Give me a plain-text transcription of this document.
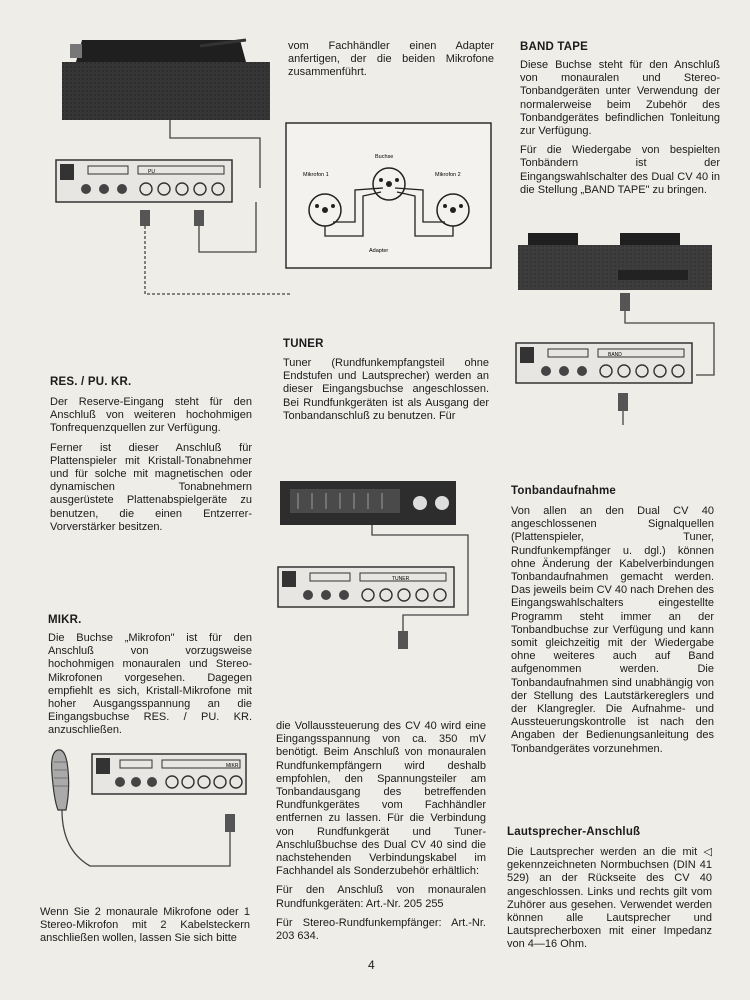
PU	Mikrofon 1
Buchse
Mikrofon 2
Adapter
BAND
TUNER
MIKR

vom Fachhändler einen Adapter anfertigen, der die beiden Mikrofone zusammenführt.

BAND TAPE

Diese Buchse steht für den Anschluß von monauralen und Stereo-Tonbandgeräten unter Verwendung der normalerweise beim Zubehör des Tonbandgerätes befindlichen Tonleitung zur Verfügung.

Für die Wiedergabe von bespielten Tonbändern ist der Eingangswahlschalter des Dual CV 40 in die Stellung „BAND TAPE" zu bringen.

TUNER

Tuner (Rundfunkempfangsteil ohne Endstufen und Lautsprecher) werden an dieser Eingangsbuchse angeschlossen. Bei Rundfunkgeräten ist als Ausgang der Tonbandanschluß zu benutzen. Für

RES. / PU. KR.

Der Reserve-Eingang steht für den Anschluß von weiteren hochohmigen Tonfrequenzquellen zur Verfügung.

Ferner ist dieser Anschluß für Plattenspieler mit Kristall-Tonabnehmer und für solche mit magnetischen oder dynamischen Tonabnehmern ausgerüstete Plattenabspielgeräte zu benutzen, die einen Entzerrer-Vorverstärker besitzen.

Tonbandaufnahme

Von allen an den Dual CV 40 angeschlossenen Signalquellen (Plattenspieler, Tuner, Rundfunkempfänger u. dgl.) können ohne Änderung der Kabelverbindungen Tonbandaufnahmen gemacht werden. Das jeweils beim CV 40 nach Drehen des Eingangswahlschalters eingestellte Programm steht immer an der Tonbandbuchse zur Verfügung und kann somit gleichzeitig mit der Wiedergabe ohne weiteres auch auf Band aufgenommen werden. Die Tonbandaufnahmen sind unabhängig von der Stellung des Lautstärkereglers und der Klangregler. Die Aufnahme- und Aussteuerungskontrolle ist nach den Angaben der Bedienungsanleitung des Tonbandgerätes vorzunehmen.

MIKR.

Die Buchse „Mikrofon" ist für den Anschluß von vorzugsweise hochohmigen monauralen und Stereo-Mikrofonen vorgesehen. Dagegen empfiehlt es sich, Kristall-Mikrofone mit hoher Ausgangsspannung an die Eingangsbuchse RES. / PU. KR. anzuschließen.	die Vollaussteuerung des CV 40 wird eine Eingangsspannung von ca. 350 mV benötigt. Beim Anschluß von monauralen Rundfunkempfängern wird deshalb empfohlen, den Spannungsteiler am Tonbandausgang des betreffenden Rundfunkgerätes vom Fachhändler entfernen zu lassen. Für die Verbindung von Rundfunkgerät und Tuner-Anschlußbuchse des Dual CV 40 sind die nachstehenden Verbindungskabel im Fachhandel als Sonderzubehör erhältlich:

Für den Anschluß von monauralen Rundfunkgeräten: Art.-Nr. 205 255

Für Stereo-Rundfunkempfänger: Art.-Nr. 203 634.

Lautsprecher-Anschluß

Die Lautsprecher werden an die mit ◁ gekennzeichneten Normbuchsen (DIN 41 529) an der Rückseite des CV 40 angeschlossen. Links und rechts gilt vom Zuhörer aus gesehen. Verwendet werden können alle Lautsprecher und Lautsprecherboxen mit einer Impedanz von 4—16 Ohm.

Wenn Sie 2 monaurale Mikrofone oder 1 Stereo-Mikrofon mit 2 Kabelsteckern anschließen wollen, lassen Sie sich bitte

4
